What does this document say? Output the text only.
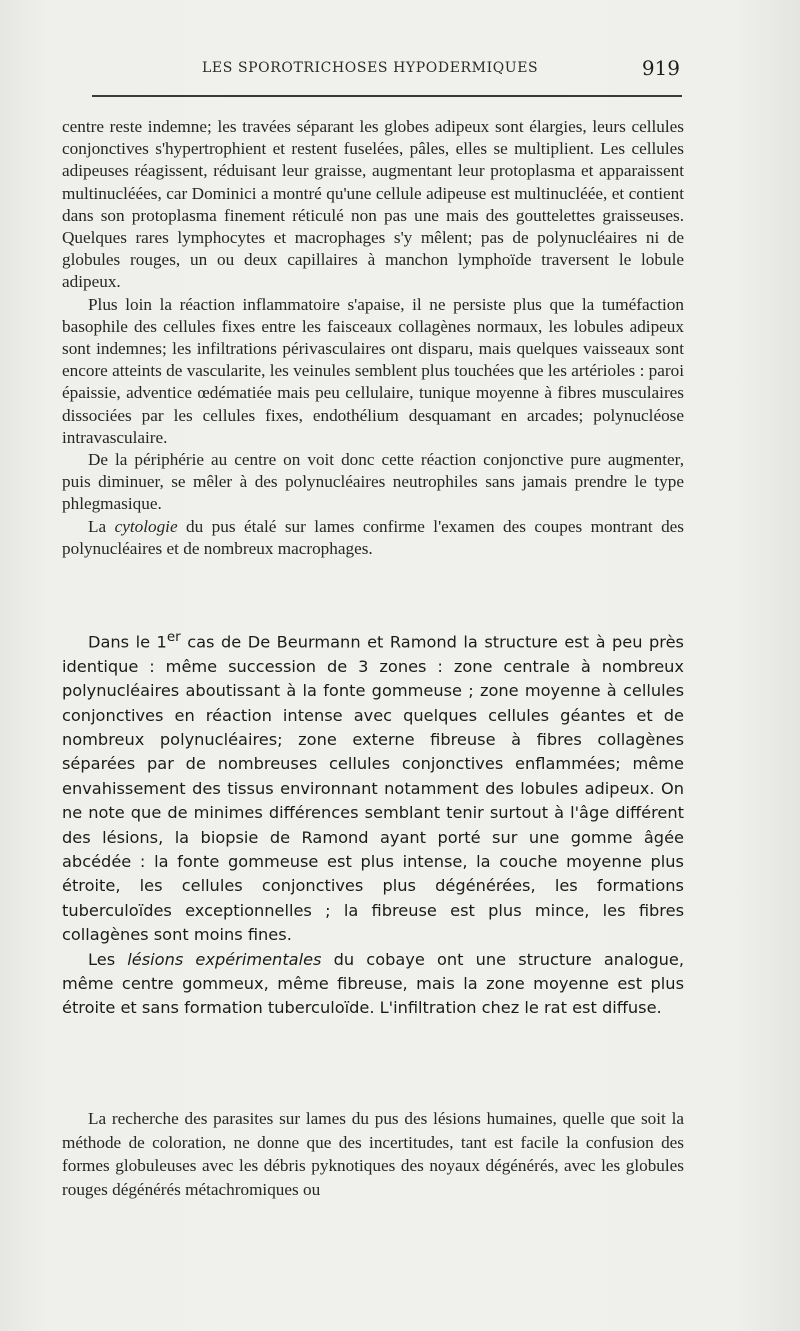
LES SPOROTRICHOSES HYPODERMIQUES	919

centre reste indemne; les travées séparant les globes adipeux sont élargies, leurs cellules conjonctives s'hypertrophient et restent fuselées, pâles, elles se multiplient. Les cellules adipeuses réagissent, réduisant leur graisse, augmentant leur protoplasma et apparaissent multinucléées, car Dominici a montré qu'une cellule adipeuse est multinucléée, et contient dans son protoplasma finement réticulé non pas une mais des gouttelettes graisseuses. Quelques rares lymphocytes et macrophages s'y mêlent; pas de polynucléaires ni de globules rouges, un ou deux capillaires à manchon lymphoïde traversent le lobule adipeux.

Plus loin la réaction inflammatoire s'apaise, il ne persiste plus que la tuméfaction basophile des cellules fixes entre les faisceaux collagènes normaux, les lobules adipeux sont indemnes; les infiltrations périvasculaires ont disparu, mais quelques vaisseaux sont encore atteints de vascularite, les veinules semblent plus touchées que les artérioles : paroi épaissie, adventice œdématiée mais peu cellulaire, tunique moyenne à fibres musculaires dissociées par les cellules fixes, endothélium desquamant en arcades; polynucléose intravasculaire.

De la périphérie au centre on voit donc cette réaction conjonctive pure augmenter, puis diminuer, se mêler à des polynucléaires neutrophiles sans jamais prendre le type phlegmasique.

La cytologie du pus étalé sur lames confirme l'examen des coupes montrant des polynucléaires et de nombreux macrophages.

Dans le 1er cas de De Beurmann et Ramond la structure est à peu près identique : même succession de 3 zones : zone centrale à nombreux polynucléaires aboutissant à la fonte gommeuse ; zone moyenne à cellules conjonctives en réaction intense avec quelques cellules géantes et de nombreux polynucléaires; zone externe fibreuse à fibres collagènes séparées par de nombreuses cellules conjonctives enflammées; même envahissement des tissus environnant notamment des lobules adipeux. On ne note que de minimes différences semblant tenir surtout à l'âge différent des lésions, la biopsie de Ramond ayant porté sur une gomme âgée abcédée : la fonte gommeuse est plus intense, la couche moyenne plus étroite, les cellules conjonctives plus dégénérées, les formations tuberculoïdes exceptionnelles ; la fibreuse est plus mince, les fibres collagènes sont moins fines.

Les lésions expérimentales du cobaye ont une structure analogue, même centre gommeux, même fibreuse, mais la zone moyenne est plus étroite et sans formation tuberculoïde. L'infiltration chez le rat est diffuse.

La recherche des parasites sur lames du pus des lésions humaines, quelle que soit la méthode de coloration, ne donne que des incertitudes, tant est facile la confusion des formes globuleuses avec les débris pyknotiques des noyaux dégénérés, avec les globules rouges dégénérés métachromiques ou
